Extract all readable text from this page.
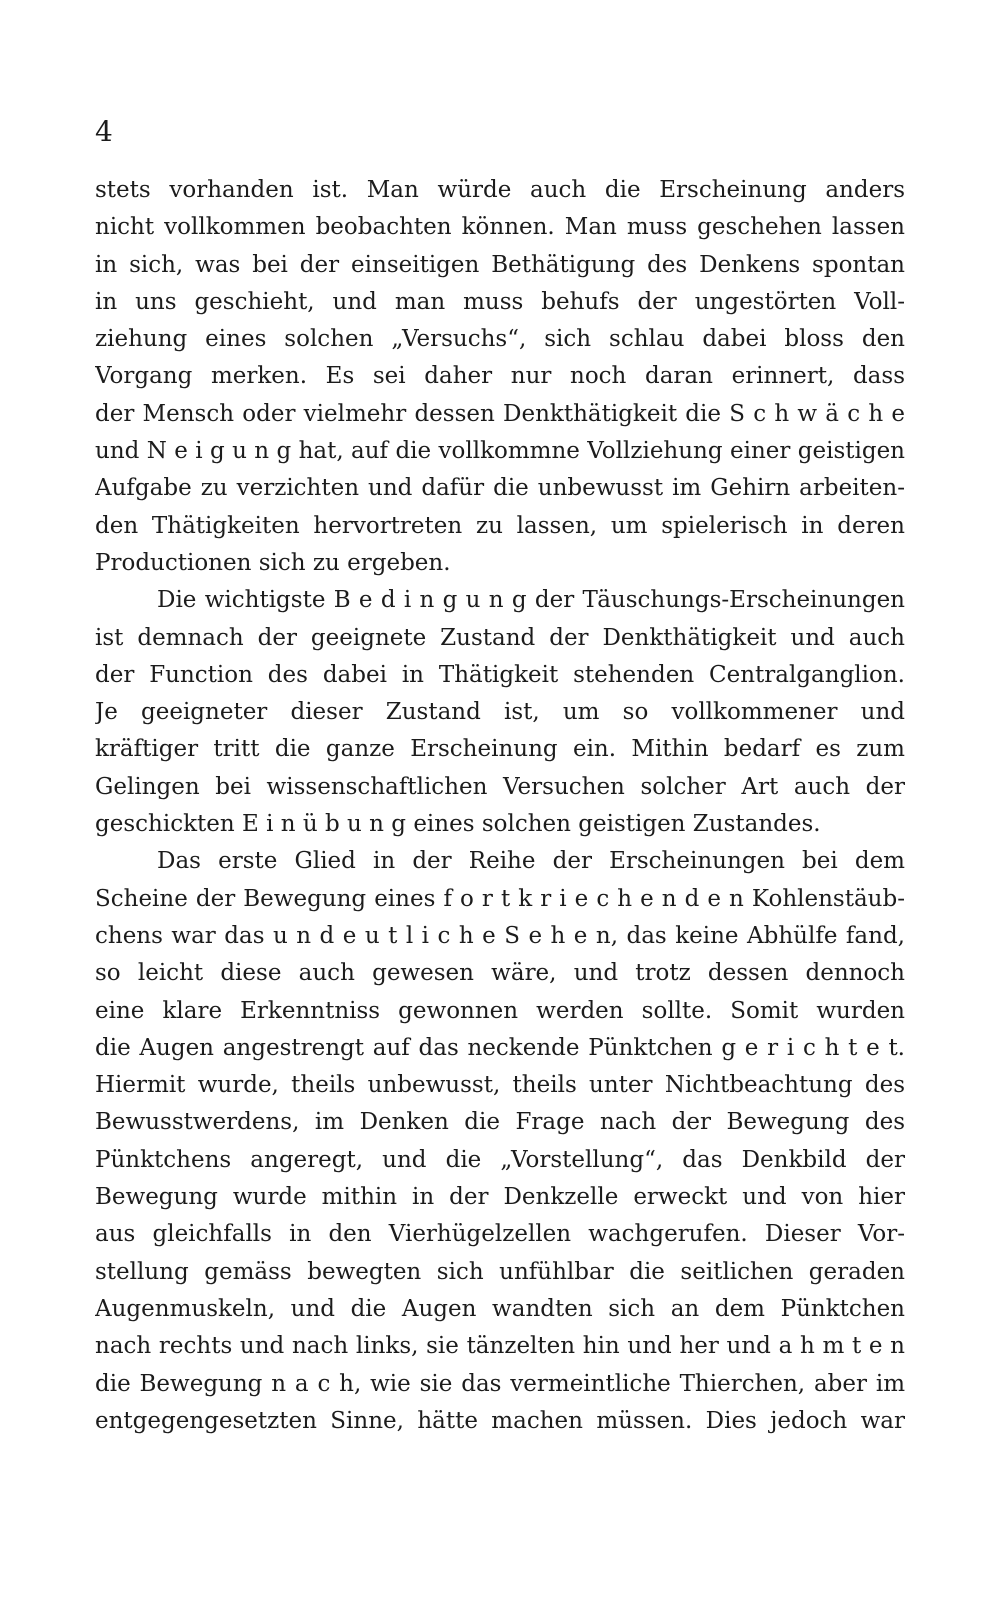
4
stets vorhanden ist. Man würde auch die Erscheinung anders
nicht vollkommen beobachten können. Man muss geschehen lassen
in sich, was bei der einseitigen Bethätigung des Denkens spontan
in uns geschieht, und man muss behufs der ungestörten Voll-
ziehung eines solchen „Versuchs“, sich schlau dabei bloss den
Vorgang merken. Es sei daher nur noch daran erinnert, dass
der Mensch oder vielmehr dessen Denkthätigkeit die S c h w ä c h e
und N e i g u n g hat, auf die vollkommne Vollziehung einer geistigen
Aufgabe zu verzichten und dafür die unbewusst im Gehirn arbeiten-
den Thätigkeiten hervortreten zu lassen, um spielerisch in deren
Productionen sich zu ergeben.
Die wichtigste B e d i n g u n g der Täuschungs-Erscheinungen
ist demnach der geeignete Zustand der Denkthätigkeit und auch
der Function des dabei in Thätigkeit stehenden Centralganglion.
Je geeigneter dieser Zustand ist, um so vollkommener und
kräftiger tritt die ganze Erscheinung ein. Mithin bedarf es zum
Gelingen bei wissenschaftlichen Versuchen solcher Art auch der
geschickten E i n ü b u n g eines solchen geistigen Zustandes.
Das erste Glied in der Reihe der Erscheinungen bei dem
Scheine der Bewegung eines f o r t k r i e c h e n d e n Kohlenstäub-
chens war das u n d e u t l i c h e S e h e n, das keine Abhülfe fand,
so leicht diese auch gewesen wäre, und trotz dessen dennoch
eine klare Erkenntniss gewonnen werden sollte. Somit wurden
die Augen angestrengt auf das neckende Pünktchen g e r i c h t e t.
Hiermit wurde, theils unbewusst, theils unter Nichtbeachtung des
Bewusstwerdens, im Denken die Frage nach der Bewegung des
Pünktchens angeregt, und die „Vorstellung“, das Denkbild der
Bewegung wurde mithin in der Denkzelle erweckt und von hier
aus gleichfalls in den Vierhügelzellen wachgerufen. Dieser Vor-
stellung gemäss bewegten sich unfühlbar die seitlichen geraden
Augenmuskeln, und die Augen wandten sich an dem Pünktchen
nach rechts und nach links, sie tänzelten hin und her und a h m t e n
die Bewegung n a c h, wie sie das vermeintliche Thierchen, aber im
entgegengesetzten Sinne, hätte machen müssen. Dies jedoch war
